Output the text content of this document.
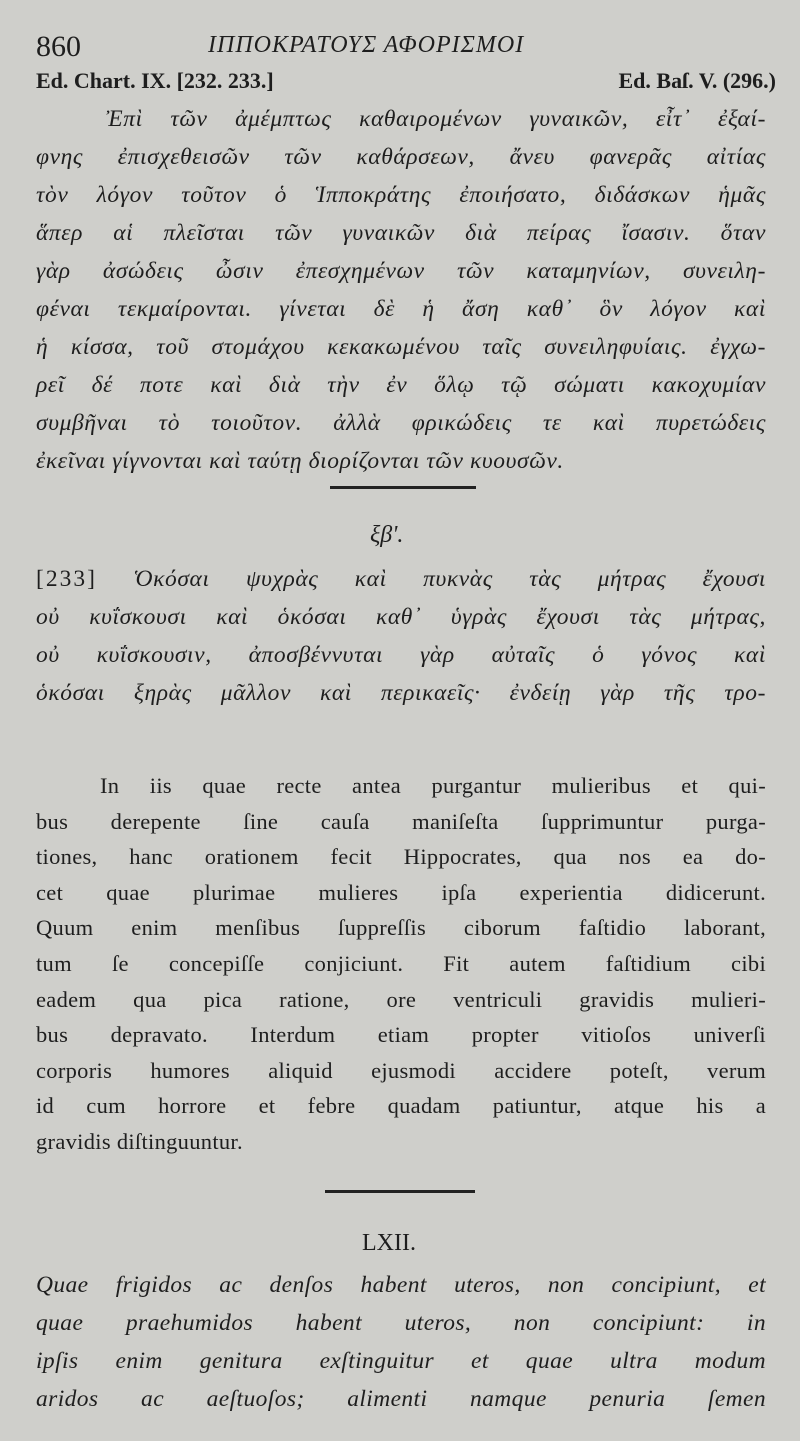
860	ΙΠΠΟΚΡΑΤΟΥΣ ΑΦΟΡΙΣΜΟΙ
Ed. Chart. IX. [232. 233.]	Ed. Baſ. V. (296.)
Ἐπὶ τῶν ἀμέμπτως καθαιρομένων γυναικῶν, εἶτ᾽ ἐξαί-
φνης ἐπισχεθεισῶν τῶν καθάρσεων, ἄνευ φανερᾶς αἰτίας
τὸν λόγον τοῦτον ὁ Ἱπποκράτης ἐποιήσατο, διδάσκων ἡμᾶς
ἅπερ αἱ πλεῖσται τῶν γυναικῶν διὰ πείρας ἴσασιν. ὅταν
γὰρ ἀσώδεις ὦσιν ἐπεσχημένων τῶν καταμηνίων, συνειλη-
φέναι τεκμαίρονται. γίνεται δὲ ἡ ἄση καθ᾽ ὃν λόγον καὶ
ἡ κίσσα, τοῦ στομάχου κεκακωμένου ταῖς συνειληφυίαις. ἐγχω-
ρεῖ δέ ποτε καὶ διὰ τὴν ἐν ὅλῳ τῷ σώματι κακοχυμίαν
συμβῆναι τὸ τοιοῦτον. ἀλλὰ φρικώδεις τε καὶ πυρετώδεις
ἐκεῖναι γίγνονται καὶ ταύτῃ διορίζονται τῶν κυουσῶν.
ξβ'.
[233] Ὁκόσαι ψυχρὰς καὶ πυκνὰς τὰς μήτρας ἔχουσι
οὐ κυΐσκουσι καὶ ὁκόσαι καθ᾽ ὑγρὰς ἔχουσι τὰς μήτρας,
οὐ κυΐσκουσιν, ἀποσβέννυται γὰρ αὐταῖς ὁ γόνος καὶ
ὁκόσαι ξηρὰς μᾶλλον καὶ περικαεῖς· ἐνδείῃ γὰρ τῆς τρο-
In iis quae recte antea purgantur mulieribus et qui-
bus derepente ſine cauſa maniſeſta ſupprimuntur purga-
tiones, hanc orationem fecit Hippocrates, qua nos ea do-
cet quae plurimae mulieres ipſa experientia didicerunt.
Quum enim menſibus ſuppreſſis ciborum faſtidio laborant,
tum ſe concepiſſe conjiciunt. Fit autem faſtidium cibi
eadem qua pica ratione, ore ventriculi gravidis mulieri-
bus depravato. Interdum etiam propter vitioſos univerſi
corporis humores aliquid ejusmodi accidere poteſt, verum
id cum horrore et febre quadam patiuntur, atque his a
gravidis diſtinguuntur.
LXII.
Quae frigidos ac denſos habent uteros, non concipiunt, et
quae praehumidos habent uteros, non concipiunt: in
ipſis enim genitura exſtinguitur et quae ultra modum
aridos ac aeſtuoſos; alimenti namque penuria ſemen
